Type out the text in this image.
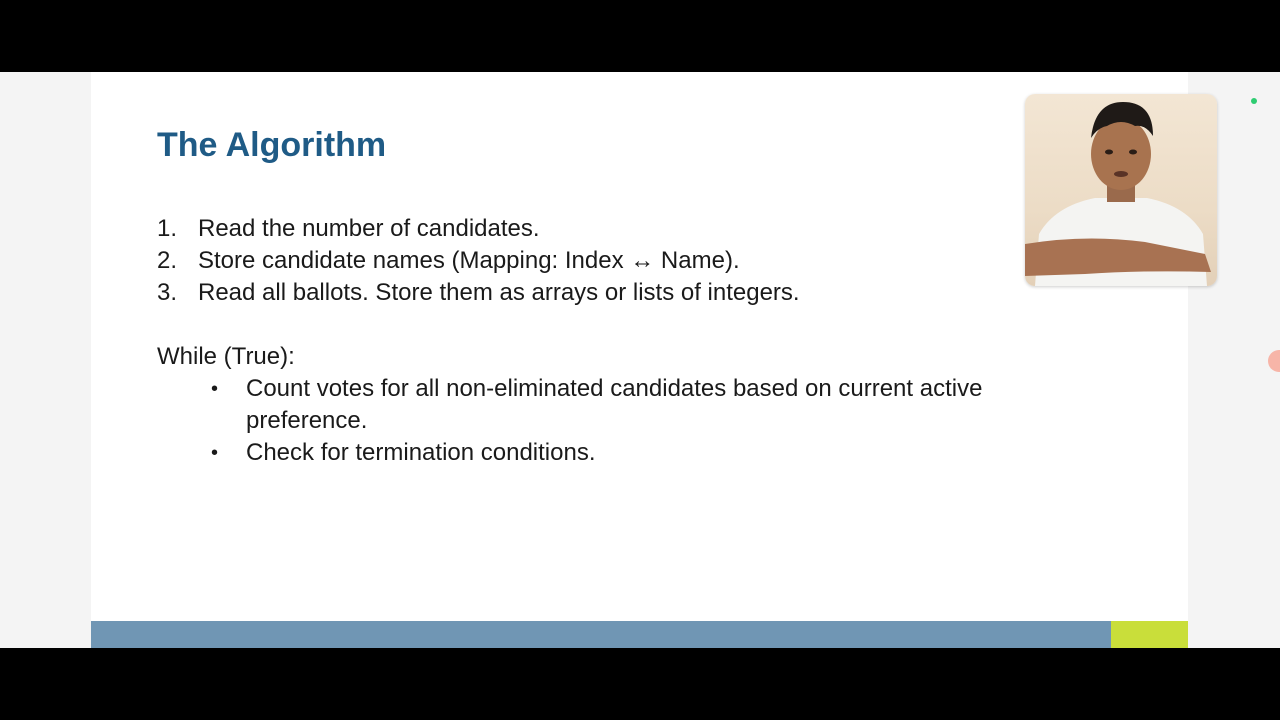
The Algorithm
1. Read the number of candidates.
2. Store candidate names (Mapping: Index ↔ Name).
3. Read all ballots. Store them as arrays or lists of integers.
While (True):
•	Count votes for all non-eliminated candidates based on current active preference.
•	Check for termination conditions.
